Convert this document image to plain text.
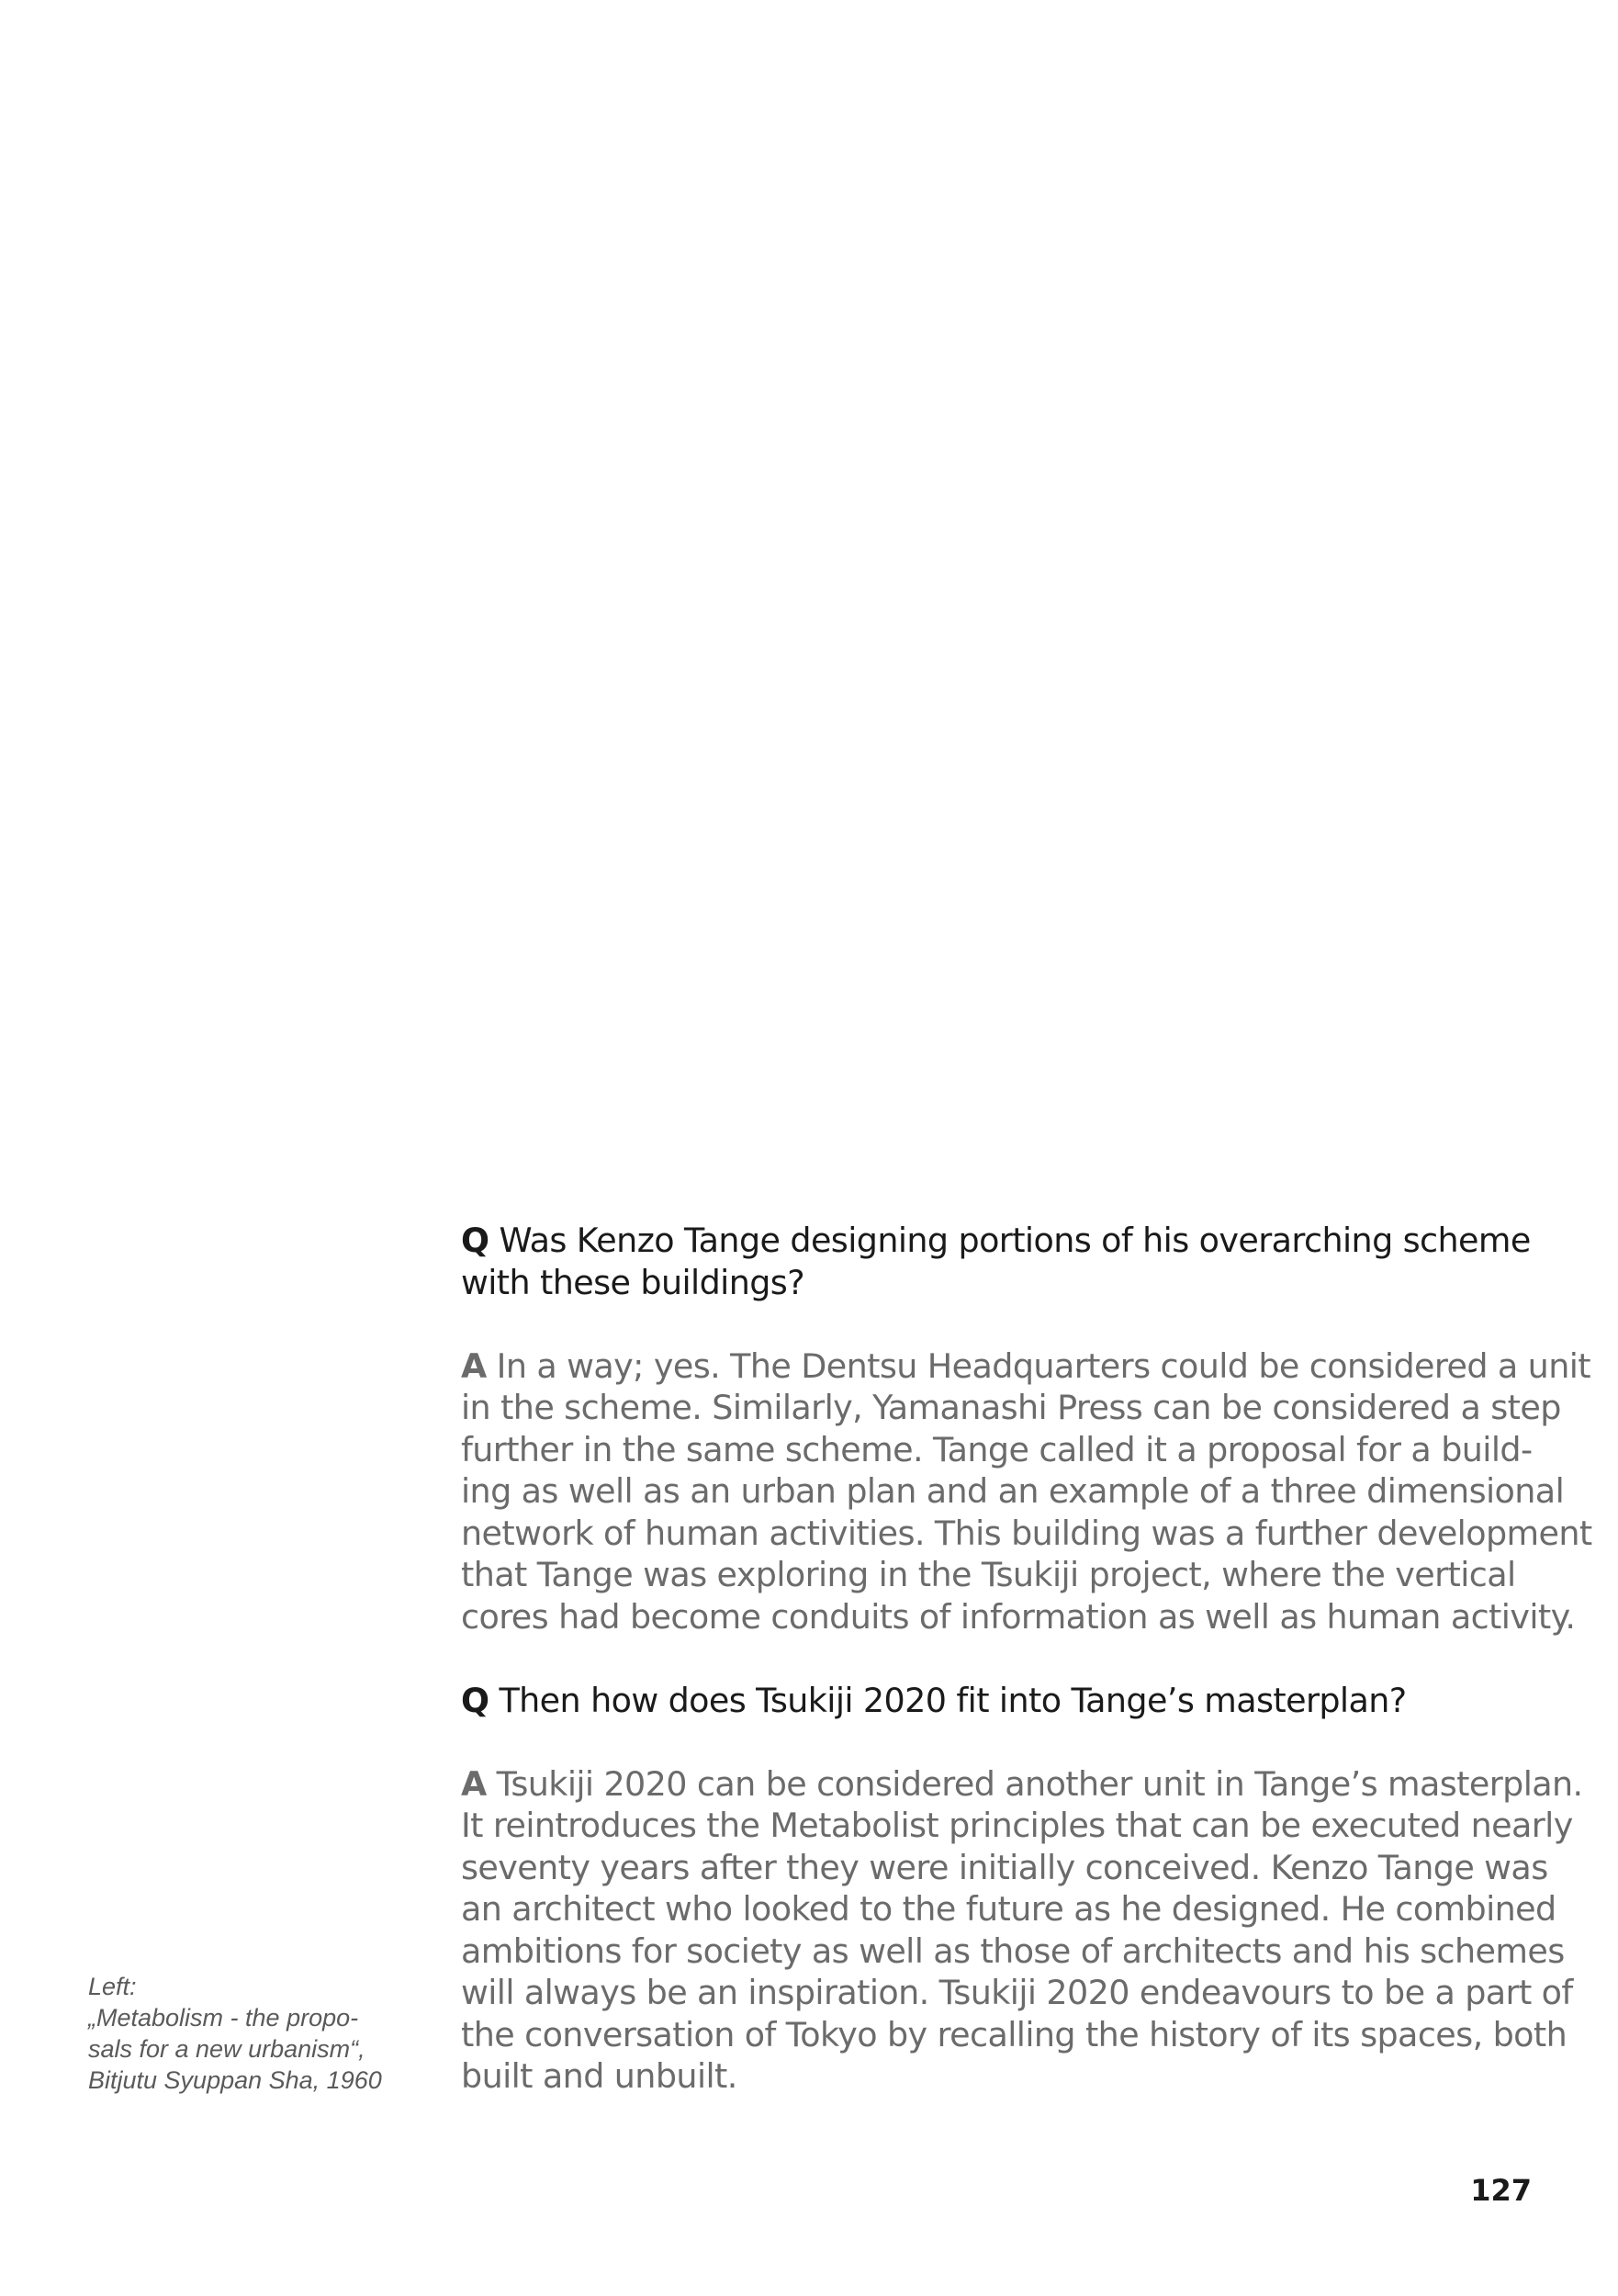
Left:
„Metabolism - the propo-
sals for a new urbanism“,
Bitjutu Syuppan Sha, 1960
Q Was Kenzo Tange designing portions of his overarching scheme
with these buildings?
A In a way; yes. The Dentsu Headquarters could be considered a unit
in the scheme. Similarly, Yamanashi Press can be considered a step
further in the same scheme. Tange called it a proposal for a build-
ing as well as an urban plan and an example of a three dimensional
network of human activities. This building was a further development
that Tange was exploring in the Tsukiji project, where the vertical
cores had become conduits of information as well as human activity.
Q Then how does Tsukiji 2020 fit into Tange’s masterplan?
A Tsukiji 2020 can be considered another unit in Tange’s masterplan.
It reintroduces the Metabolist principles that can be executed nearly
seventy years after they were initially conceived. Kenzo Tange was
an architect who looked to the future as he designed. He combined
ambitions for society as well as those of architects and his schemes
will always be an inspiration. Tsukiji 2020 endeavours to be a part of
the conversation of Tokyo by recalling the history of its spaces, both
built and unbuilt.
127
